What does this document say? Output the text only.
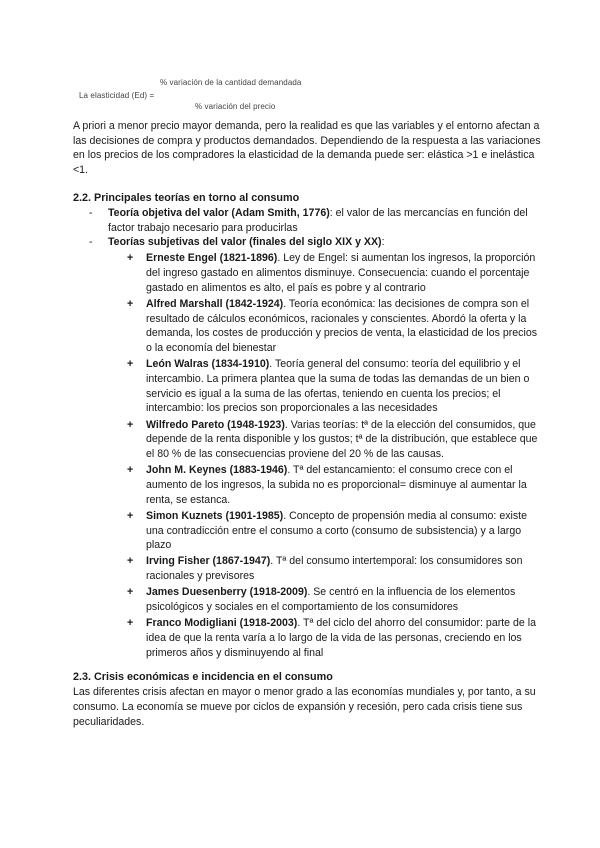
% variación de la cantidad demandada
La elasticidad (Ed) =
% variación del precio

A priori a menor precio mayor demanda, pero la realidad es que las variables y el entorno afectan a las decisiones de compra y productos demandados. Dependiendo de la respuesta a las variaciones en los precios de los compradores la elasticidad de la demanda puede ser: elástica >1 e inelástica <1.

2.2. Principales teorías en torno al consumo
- Teoría objetiva del valor (Adam Smith, 1776): el valor de las mercancías en función del factor trabajo necesario para producirlas
- Teorías subjetivas del valor (finales del siglo XIX y XX):
+ Erneste Engel (1821-1896). Ley de Engel: si aumentan los ingresos, la proporción del ingreso gastado en alimentos disminuye. Consecuencia: cuando el porcentaje gastado en alimentos es alto, el país es pobre y al contrario
+ Alfred Marshall (1842-1924). Teoría económica: las decisiones de compra son el resultado de cálculos económicos, racionales y conscientes. Abordó la oferta y la demanda, los costes de producción y precios de venta, la elasticidad de los precios o la economía del bienestar
+ León Walras (1834-1910). Teoría general del consumo: teoría del equilibrio y el intercambio. La primera plantea que la suma de todas las demandas de un bien o servicio es igual a la suma de las ofertas, teniendo en cuenta los precios; el intercambio: los precios son proporcionales a las necesidades
+ Wilfredo Pareto (1948-1923). Varias teorías: tª de la elección del consumidos, que depende de la renta disponible y los gustos; tª de la distribución, que establece que el 80 % de las consecuencias proviene del 20 % de las causas.
+ John M. Keynes (1883-1946). Tª del estancamiento: el consumo crece con el aumento de los ingresos, la subida no es proporcional= disminuye al aumentar la renta, se estanca.
+ Simon Kuznets (1901-1985). Concepto de propensión media al consumo: existe una contradicción entre el consumo a corto (consumo de subsistencia) y a largo plazo
+ Irving Fisher (1867-1947). Tª del consumo intertemporal: los consumidores son racionales y previsores
+ James Duesenberry (1918-2009). Se centró en la influencia de los elementos psicológicos y sociales en el comportamiento de los consumidores
+ Franco Modigliani (1918-2003). Tª del ciclo del ahorro del consumidor: parte de la idea de que la renta varía a lo largo de la vida de las personas, creciendo en los primeros años y disminuyendo al final
2.3. Crisis económicas e incidencia en el consumo

Las diferentes crisis afectan en mayor o menor grado a las economías mundiales y, por tanto, a su consumo. La economía se mueve por ciclos de expansión y recesión, pero cada crisis tiene sus peculiaridades.
